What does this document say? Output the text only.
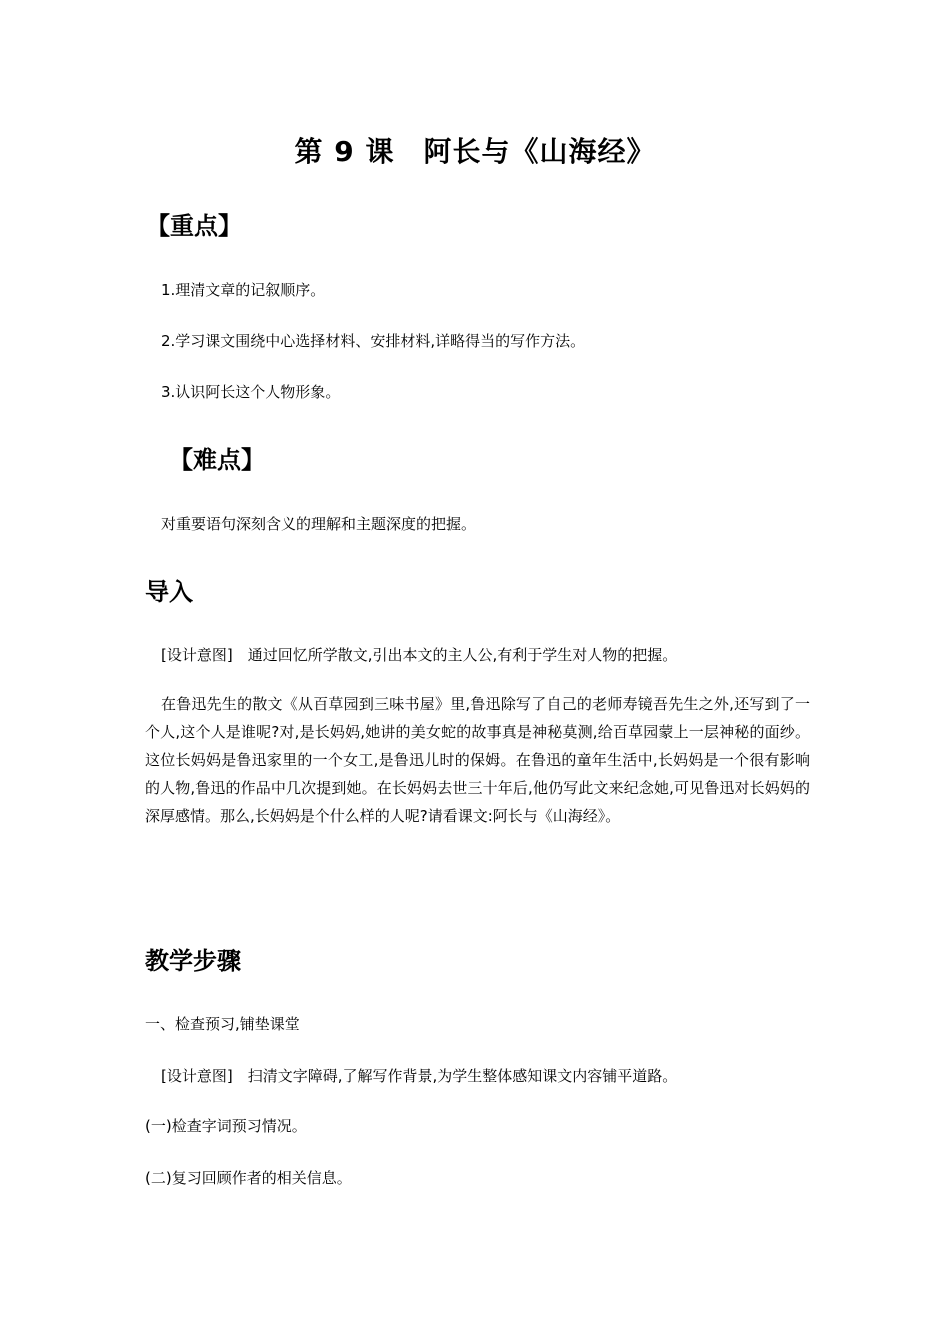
第 9 课　阿长与《山海经》
【重点】

1.理清文章的记叙顺序。

2.学习课文围绕中心选择材料、安排材料,详略得当的写作方法。

3.认识阿长这个人物形象。

【难点】

对重要语句深刻含义的理解和主题深度的把握。

导入

[设计意图]　通过回忆所学散文,引出本文的主人公,有利于学生对人物的把握。

在鲁迅先生的散文《从百草园到三味书屋》里,鲁迅除写了自己的老师寿镜吾先生之外,还写到了一个人,这个人是谁呢?对,是长妈妈,她讲的美女蛇的故事真是神秘莫测,给百草园蒙上一层神秘的面纱。这位长妈妈是鲁迅家里的一个女工,是鲁迅儿时的保姆。在鲁迅的童年生活中,长妈妈是一个很有影响的人物,鲁迅的作品中几次提到她。在长妈妈去世三十年后,他仍写此文来纪念她,可见鲁迅对长妈妈的深厚感情。那么,长妈妈是个什么样的人呢?请看课文:阿长与《山海经》。

教学步骤

一、检查预习,铺垫课堂

[设计意图]　扫清文字障碍,了解写作背景,为学生整体感知课文内容铺平道路。

(一)检查字词预习情况。

(二)复习回顾作者的相关信息。
